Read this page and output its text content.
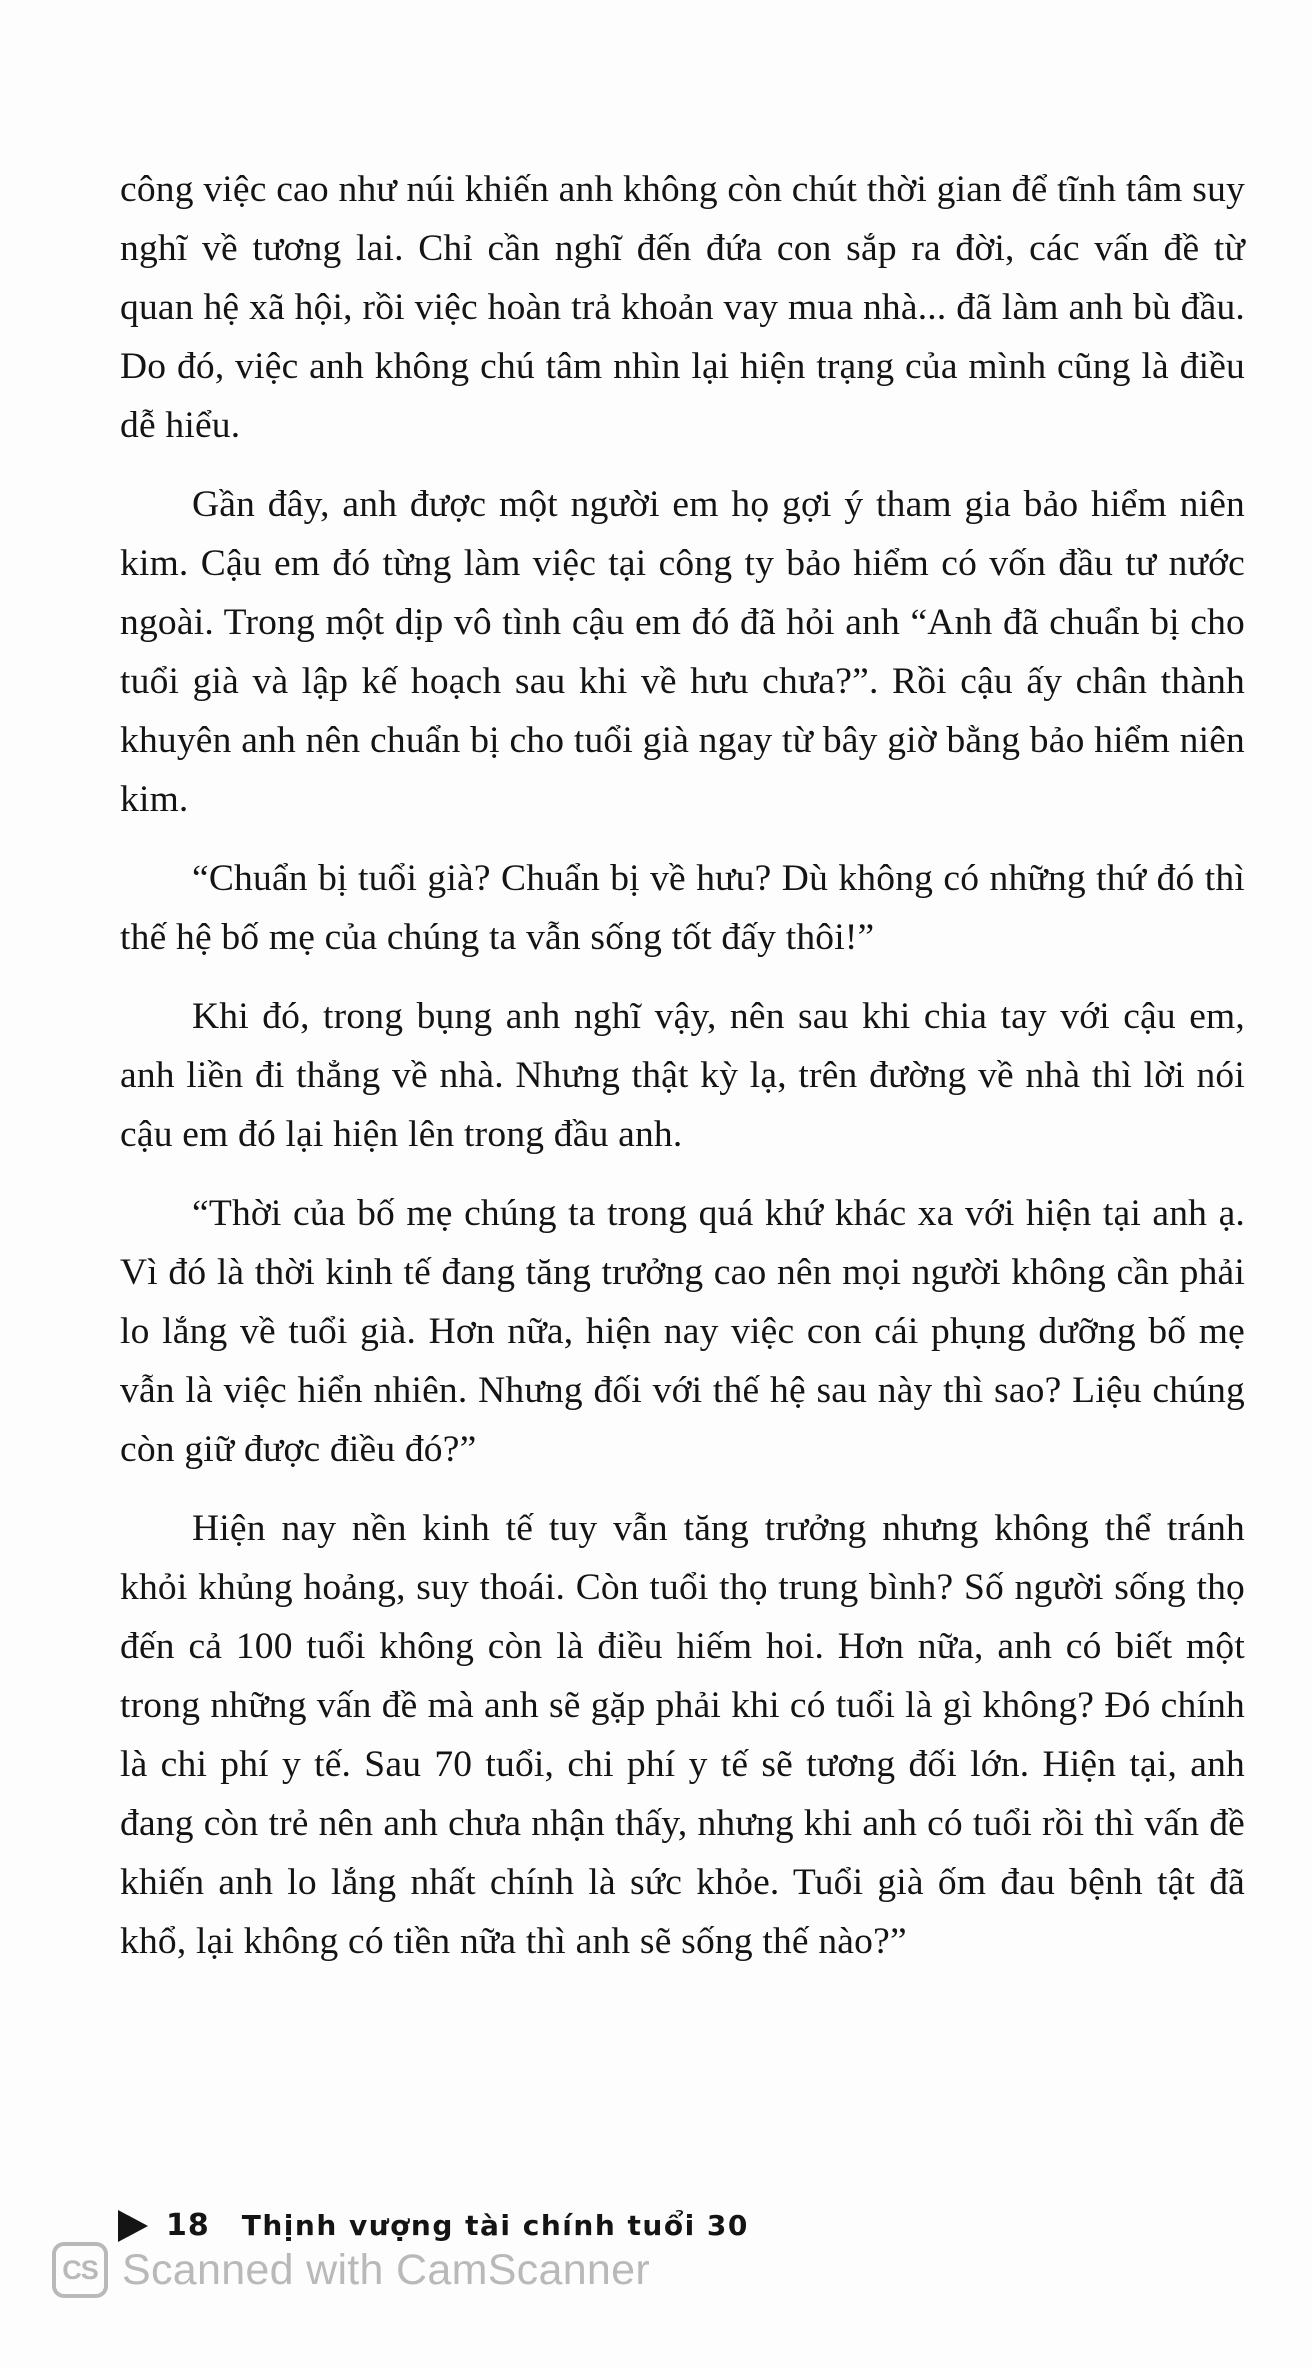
công việc cao như núi khiến anh không còn chút thời gian để tĩnh tâm suy nghĩ về tương lai. Chỉ cần nghĩ đến đứa con sắp ra đời, các vấn đề từ quan hệ xã hội, rồi việc hoàn trả khoản vay mua nhà... đã làm anh bù đầu. Do đó, việc anh không chú tâm nhìn lại hiện trạng của mình cũng là điều dễ hiểu.

Gần đây, anh được một người em họ gợi ý tham gia bảo hiểm niên kim. Cậu em đó từng làm việc tại công ty bảo hiểm có vốn đầu tư nước ngoài. Trong một dịp vô tình cậu em đó đã hỏi anh “Anh đã chuẩn bị cho tuổi già và lập kế hoạch sau khi về hưu chưa?”. Rồi cậu ấy chân thành khuyên anh nên chuẩn bị cho tuổi già ngay từ bây giờ bằng bảo hiểm niên kim.

“Chuẩn bị tuổi già? Chuẩn bị về hưu? Dù không có những thứ đó thì thế hệ bố mẹ của chúng ta vẫn sống tốt đấy thôi!”

Khi đó, trong bụng anh nghĩ vậy, nên sau khi chia tay với cậu em, anh liền đi thẳng về nhà. Nhưng thật kỳ lạ, trên đường về nhà thì lời nói cậu em đó lại hiện lên trong đầu anh.

“Thời của bố mẹ chúng ta trong quá khứ khác xa với hiện tại anh ạ. Vì đó là thời kinh tế đang tăng trưởng cao nên mọi người không cần phải lo lắng về tuổi già. Hơn nữa, hiện nay việc con cái phụng dưỡng bố mẹ vẫn là việc hiển nhiên. Nhưng đối với thế hệ sau này thì sao? Liệu chúng còn giữ được điều đó?”

Hiện nay nền kinh tế tuy vẫn tăng trưởng nhưng không thể tránh khỏi khủng hoảng, suy thoái. Còn tuổi thọ trung bình? Số người sống thọ đến cả 100 tuổi không còn là điều hiếm hoi. Hơn nữa, anh có biết một trong những vấn đề mà anh sẽ gặp phải khi có tuổi là gì không? Đó chính là chi phí y tế. Sau 70 tuổi, chi phí y tế sẽ tương đối lớn. Hiện tại, anh đang còn trẻ nên anh chưa nhận thấy, nhưng khi anh có tuổi rồi thì vấn đề khiến anh lo lắng nhất chính là sức khỏe. Tuổi già ốm đau bệnh tật đã khổ, lại không có tiền nữa thì anh sẽ sống thế nào?”

18 Thịnh vượng tài chính tuổi 30
CS Scanned with CamScanner
